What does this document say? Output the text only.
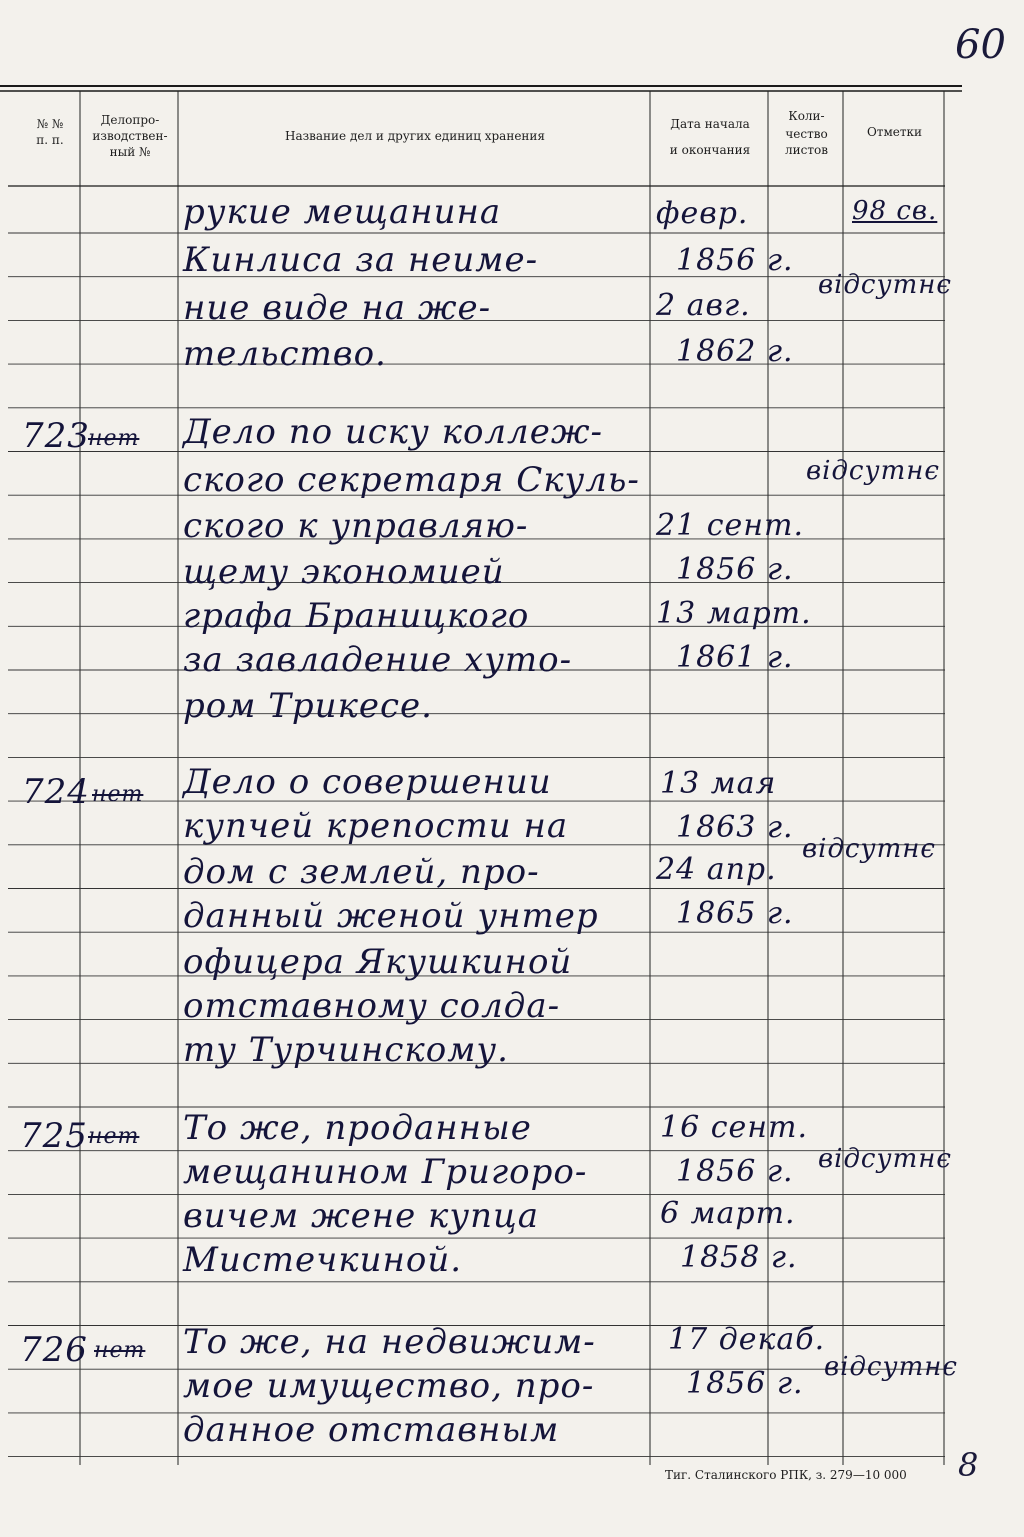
60
№ №
п. п.
Делопро-
изводствен-
ный №
Название дел и других единиц хранения
Дата начала
и окончания
Коли-
чество
листов
Отметки
рукие мещанина
Кинлиса за неиме-
ние виде на же-
тельство.
февр.
1856 г.
2 авг.
1862 г.
98 св.
відсутнє
723
нет Дело по иску коллеж-
ского секретаря Скуль-
ского к управляю-
щему экономией
графа Браницкого
за завладение хуто-
ром Трикесе.
21 сент.
1856 г.
13 март.
1861 г.
відсутнє
724 нет Дело о совершении
купчей крепости на
дом с землей, про-
данный женой унтер
офицера Якушкиной
отставному солда-
ту Турчинскому.
13 мая
1863 г.
24 апр.
1865 г.
відсутнє
725 нет То же, проданные
мещанином Григоро-
вичем жене купца
Мистечкиной.
16 сент.
1856 г.
6 март.
1858 г.
відсутнє
726 нет То же, на недвижим-
мое имущество, про-
данное отставным
17 декаб.
1856 г. відсутнє
Тиг. Сталинского РПК, з. 279—10 000 8
